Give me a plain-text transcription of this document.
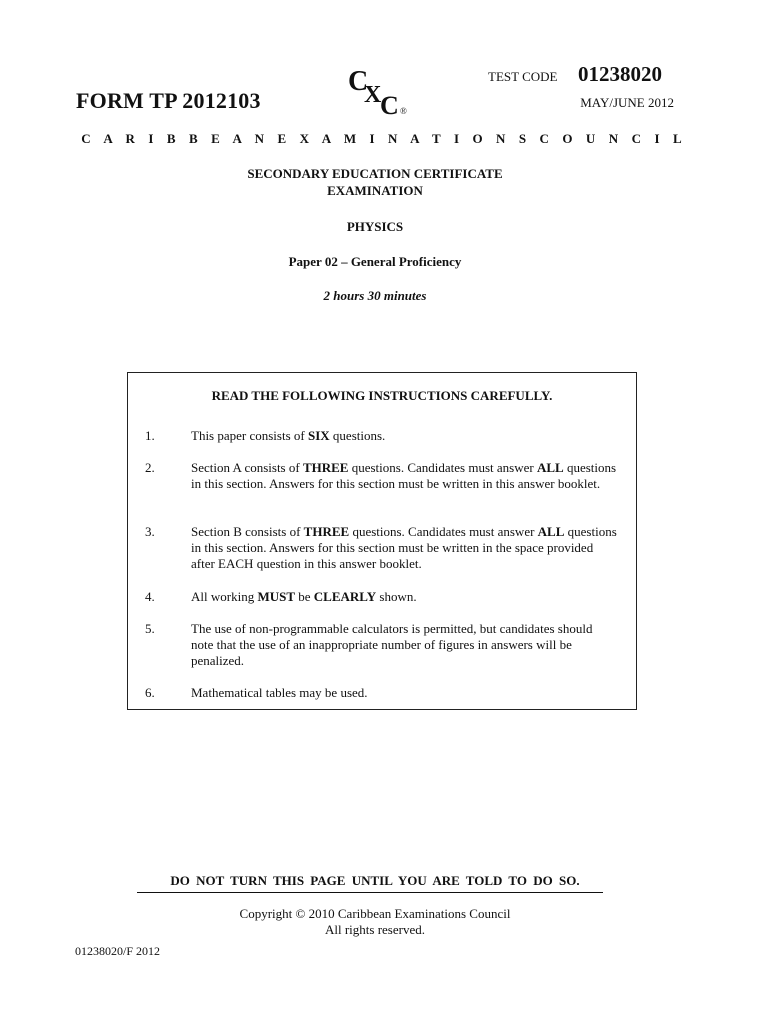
FORM TP 2012103
C
X
C ®
TEST CODE 01238020
MAY/JUNE 2012
C A R I B B E A N E X A M I N A T I O N S C O U N C I L
SECONDARY EDUCATION CERTIFICATE
EXAMINATION
PHYSICS
Paper 02 – General Proficiency
2 hours 30 minutes
READ THE FOLLOWING INSTRUCTIONS CAREFULLY.
1.	This paper consists of SIX questions.
2.	Section A consists of THREE questions. Candidates must answer ALL questions in this section. Answers for this section must be written in this answer booklet.
3.	Section B consists of THREE questions. Candidates must answer ALL questions in this section. Answers for this section must be written in the space provided after EACH question in this answer booklet.
4.	All working MUST be CLEARLY shown.
5.	The use of non-programmable calculators is permitted, but candidates should note that the use of an inappropriate number of figures in answers will be penalized.
6.	Mathematical tables may be used.
DO NOT TURN THIS PAGE UNTIL YOU ARE TOLD TO DO SO.
Copyright © 2010 Caribbean Examinations Council
All rights reserved.
01238020/F 2012
